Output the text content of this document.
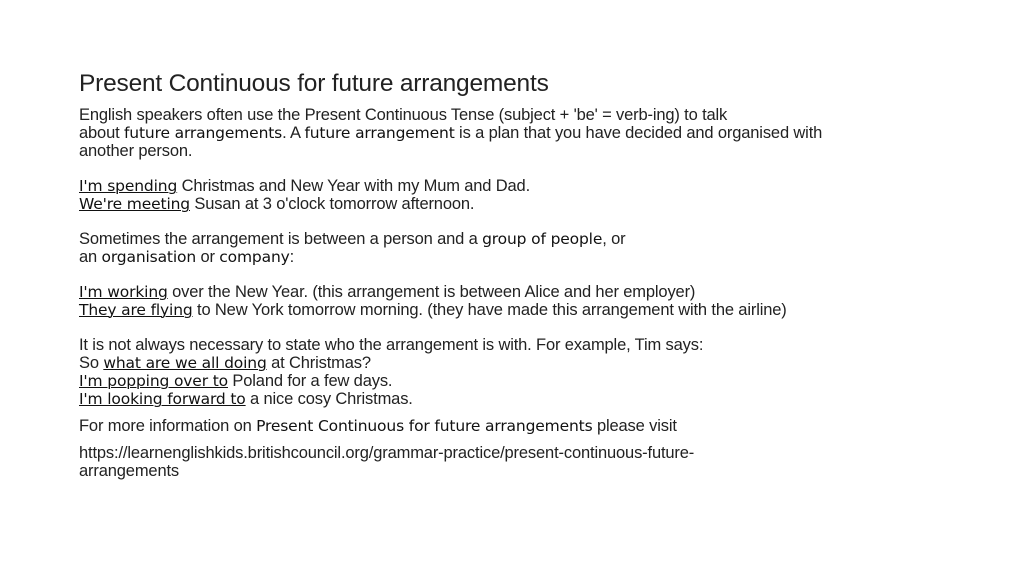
Present Continuous for future arrangements

English speakers often use the Present Continuous Tense (subject + 'be' = verb-ing) to talk
about future arrangements. A future arrangement is a plan that you have decided and organised with
another person.

I'm spending Christmas and New Year with my Mum and Dad.
We're meeting Susan at 3 o'clock tomorrow afternoon.

Sometimes the arrangement is between a person and a group of people, or
an organisation or company:

I'm working over the New Year. (this arrangement is between Alice and her employer)
They are flying to New York tomorrow morning. (they have made this arrangement with the airline)

It is not always necessary to state who the arrangement is with. For example, Tim says:
So what are we all doing at Christmas?
I'm popping over to Poland for a few days.
I'm looking forward to a nice cosy Christmas.

For more information on Present Continuous for future arrangements please visit

https://learnenglishkids.britishcouncil.org/grammar-practice/present-continuous-future-
arrangements
